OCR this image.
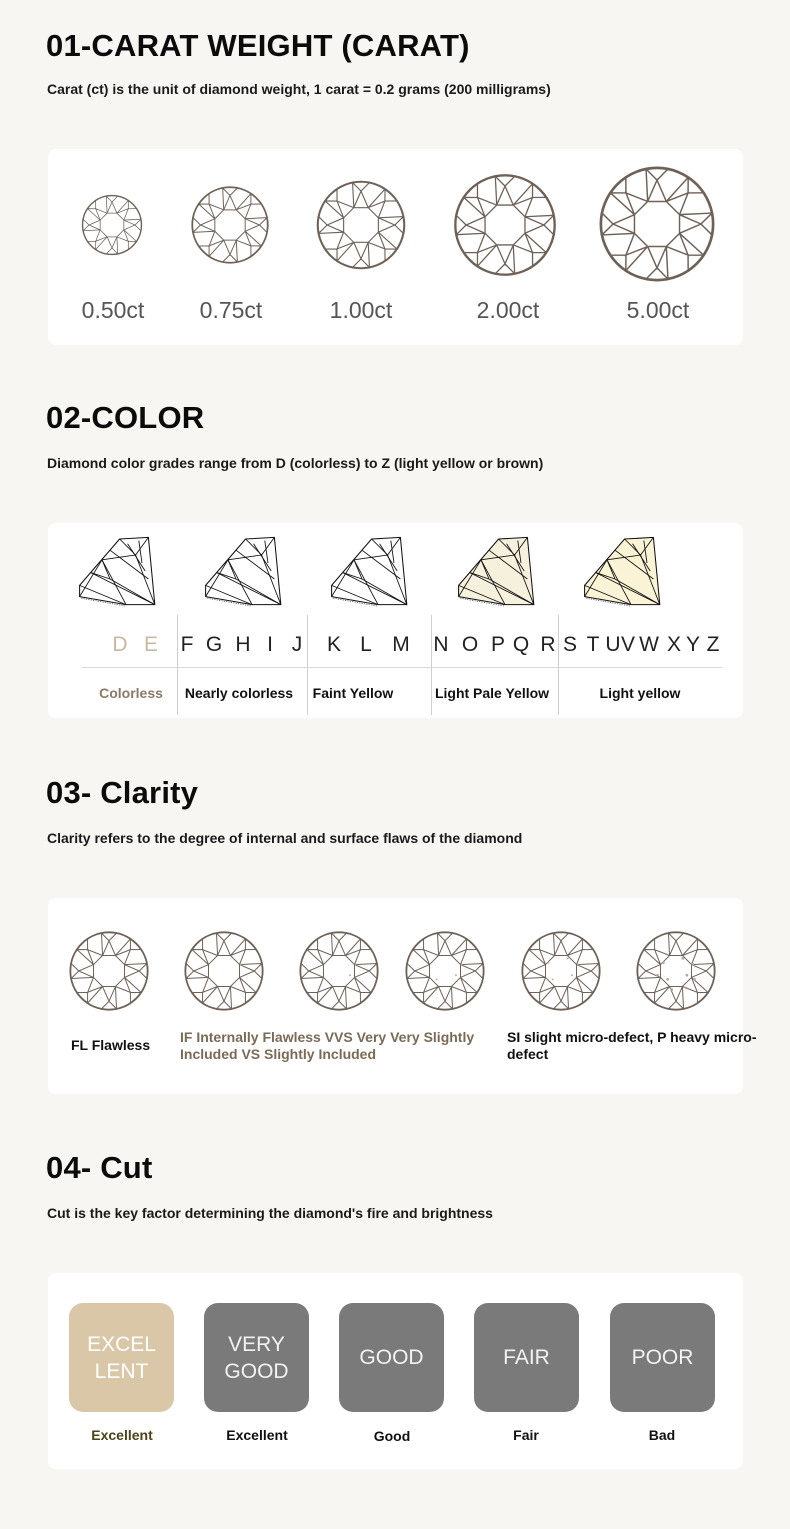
01-CARAT WEIGHT (CARAT)

Carat (ct) is the unit of diamond weight, 1 carat = 0.2 grams (200 milligrams)

0.50ct 0.75ct	1.00ct	2.00ct	5.00ct
02-COLOR

Diamond color grades range from D (colorless) to Z (light yellow or brown)

D E F G H I J K L M N O P Q R S T U V W X Y Z
Colorless Nearly colorless Faint Yellow	Light Pale Yellow	Light yellow
03- Clarity

Clarity refers to the degree of internal and surface flaws of the diamond

FL Flawless IF Internally Flawless VVS Very Very Slightly Included VS Slightly Included
SI slight micro-defect, P heavy micro-defect
04- Cut

Cut is the key factor determining the diamond's fire and brightness

EXCEL LENT
VERY GOOD
GOOD	FAIR	POOR
Excellent	Excellent	Good	Fair	Bad
